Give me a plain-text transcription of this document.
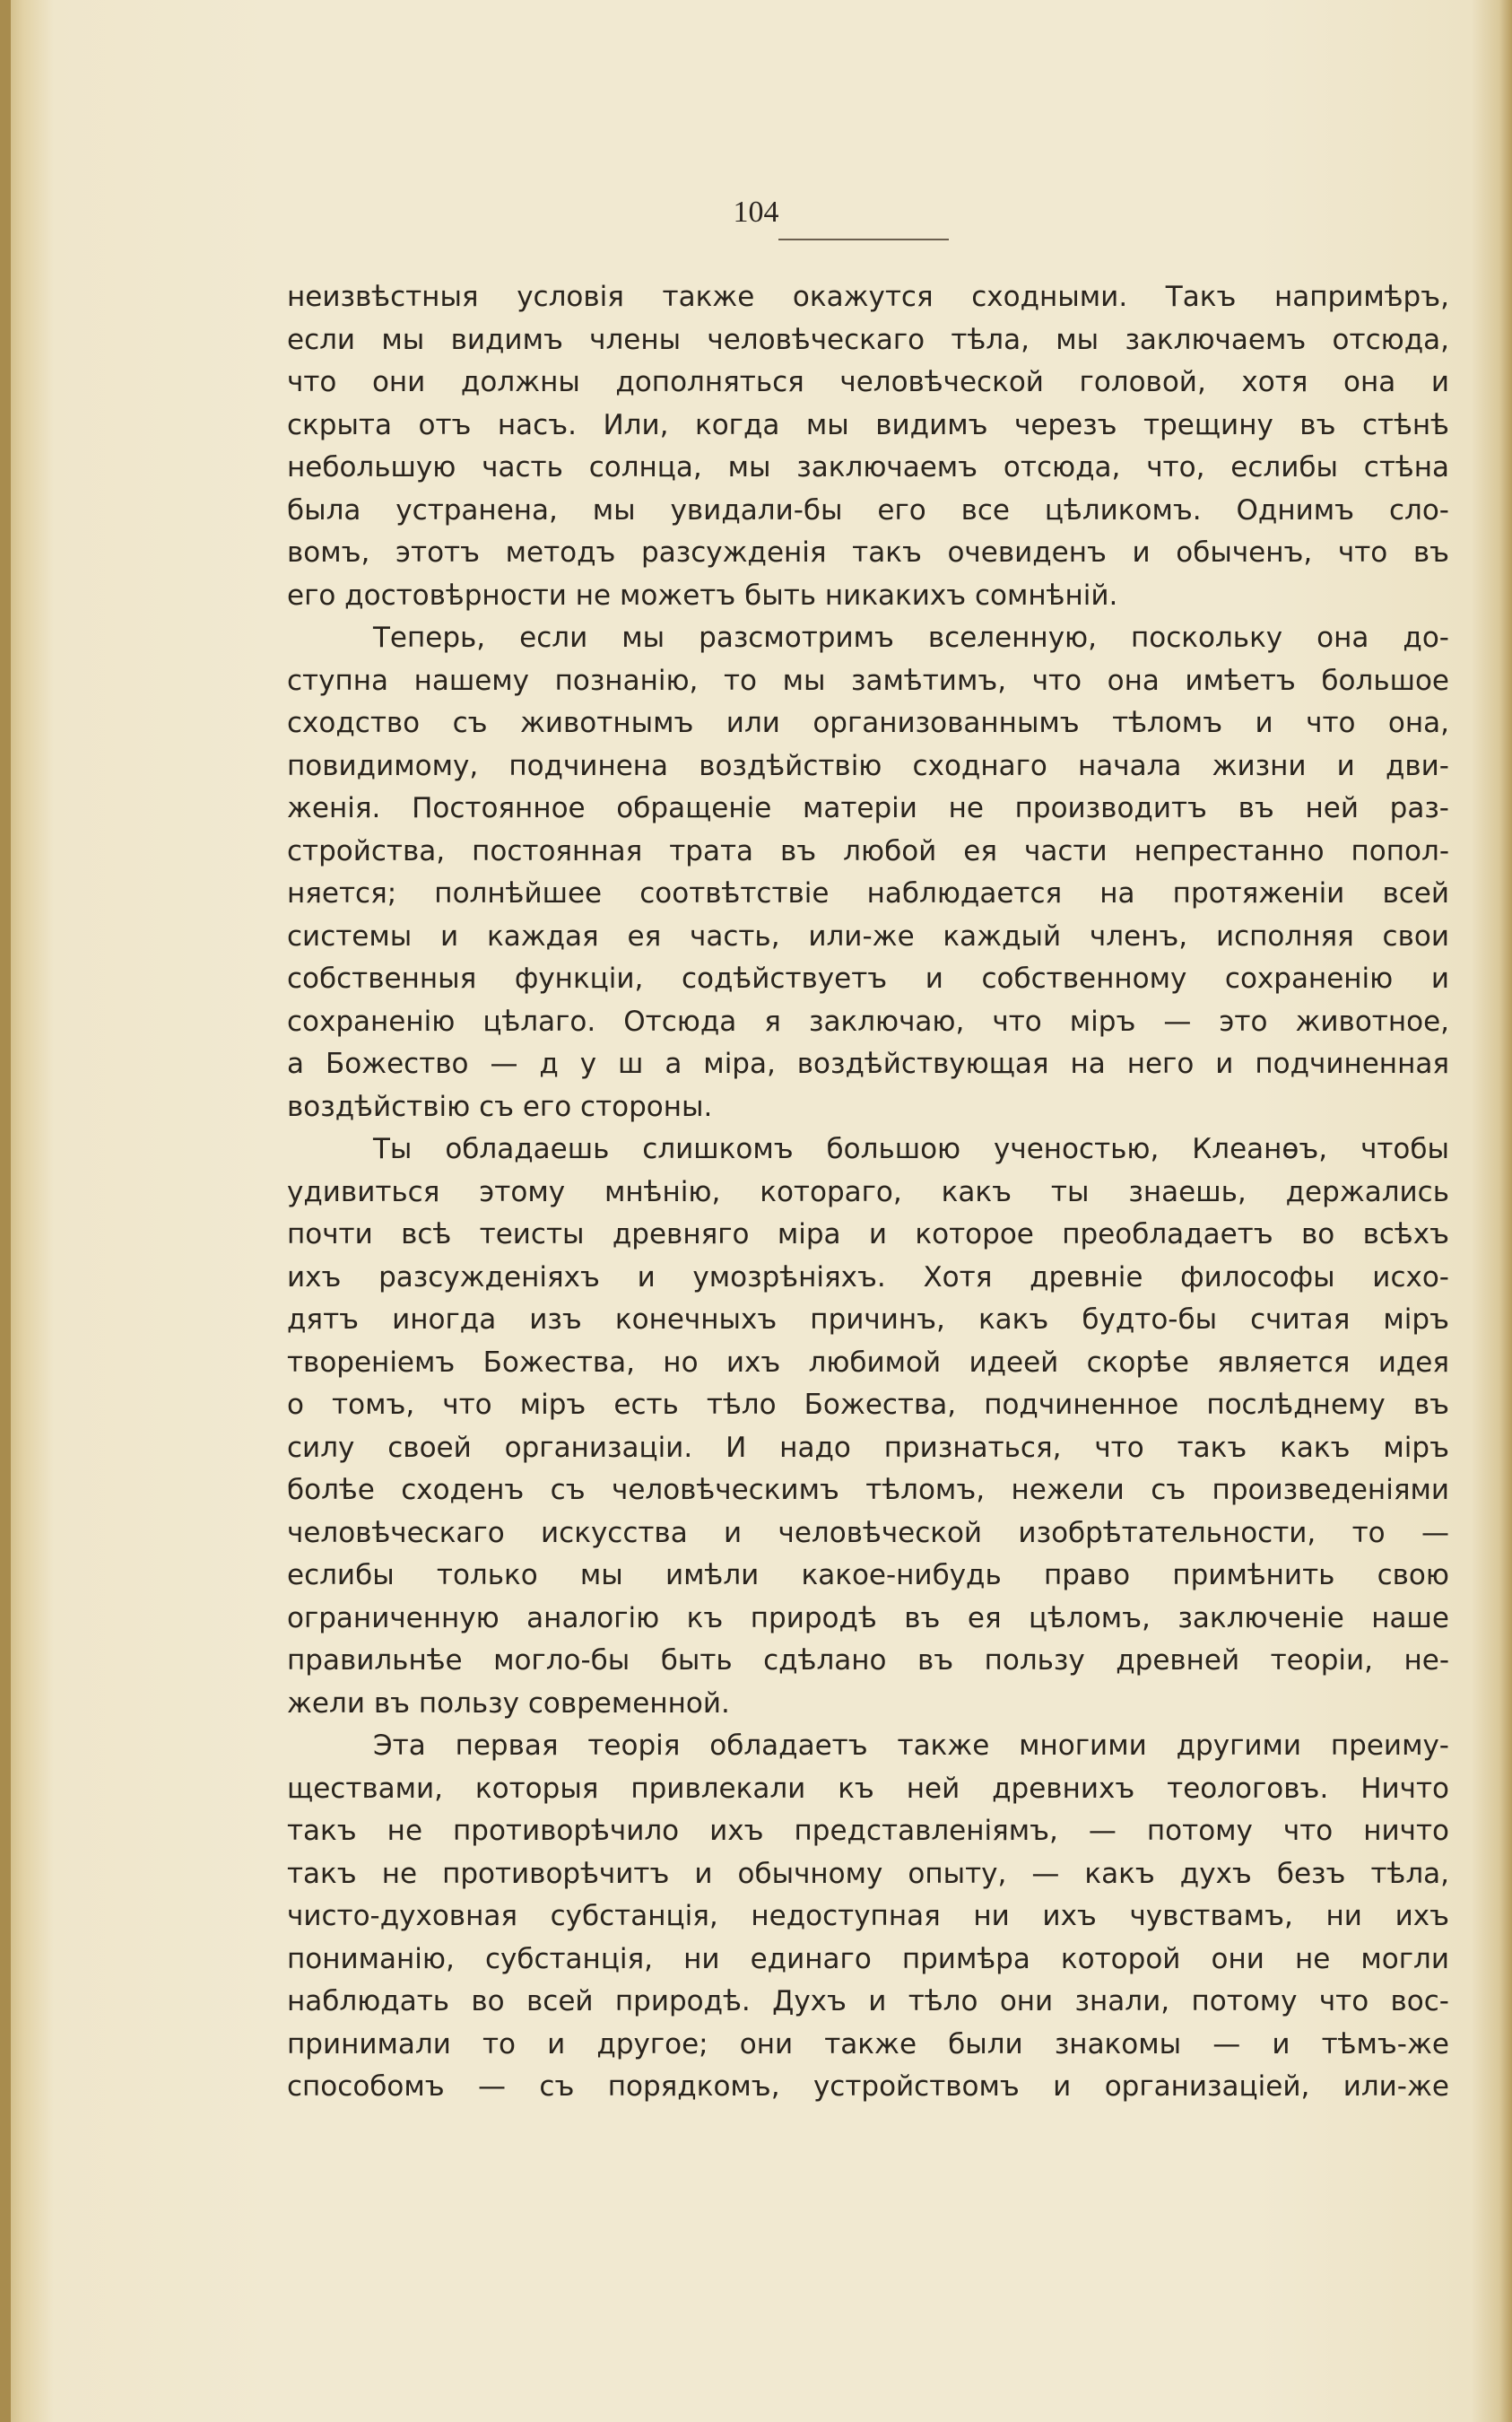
104
неизвѣстныя условія также окажутся сходными. Такъ напримѣръ,
если мы видимъ члены человѣческаго тѣла, мы заключаемъ отсюда,
что они должны дополняться человѣческой головой, хотя она и
скрыта отъ насъ. Или, когда мы видимъ черезъ трещину въ стѣнѣ
небольшую часть солнца, мы заключаемъ отсюда, что, еслибы стѣна
была устранена, мы увидали-бы его все цѣликомъ. Однимъ сло-
вомъ, этотъ методъ разсужденія такъ очевиденъ и обыченъ, что въ
его достовѣрности не можетъ быть никакихъ сомнѣній.
Теперь, если мы разсмотримъ вселенную, поскольку она до-
ступна нашему познанію, то мы замѣтимъ, что она имѣетъ большое
сходство съ животнымъ или организованнымъ тѣломъ и что она,
повидимому, подчинена воздѣйствію сходнаго начала жизни и дви-
женія. Постоянное обращеніе матеріи не производитъ въ ней раз-
стройства, постоянная трата въ любой ея части непрестанно попол-
няется; полнѣйшее соотвѣтствіе наблюдается на протяженіи всей
системы и каждая ея часть, или-же каждый членъ, исполняя свои
собственныя функціи, содѣйствуетъ и собственному сохраненію и
сохраненію цѣлаго. Отсюда я заключаю, что міръ — это животное,
а Божество — д у ш а міра, воздѣйствующая на него и подчиненная
воздѣйствію съ его стороны.
Ты обладаешь слишкомъ большою ученостью, Клеанѳъ, чтобы
удивиться этому мнѣнію, котораго, какъ ты знаешь, держались
почти всѣ теисты древняго міра и которое преобладаетъ во всѣхъ
ихъ разсужденіяхъ и умозрѣніяхъ. Хотя древніе философы исхо-
дятъ иногда изъ конечныхъ причинъ, какъ будто-бы считая міръ
твореніемъ Божества, но ихъ любимой идеей скорѣе является идея
о томъ, что міръ есть тѣло Божества, подчиненное послѣднему въ
силу своей организаціи. И надо признаться, что такъ какъ міръ
болѣе сходенъ съ человѣческимъ тѣломъ, нежели съ произведеніями
человѣческаго искусства и человѣческой изобрѣтательности, то —
еслибы только мы имѣли какое-нибудь право примѣнить свою
ограниченную аналогію къ природѣ въ ея цѣломъ, заключеніе наше
правильнѣе могло-бы быть сдѣлано въ пользу древней теоріи, не-
жели въ пользу современной.
Эта первая теорія обладаетъ также многими другими преиму-
ществами, которыя привлекали къ ней древнихъ теологовъ. Ничто
такъ не противорѣчило ихъ представленіямъ, — потому что ничто
такъ не противорѣчитъ и обычному опыту, — какъ духъ безъ тѣла,
чисто-духовная субстанція, недоступная ни ихъ чувствамъ, ни ихъ
пониманію, субстанція, ни единаго примѣра которой они не могли
наблюдать во всей природѣ. Духъ и тѣло они знали, потому что вос-
принимали то и другое; они также были знакомы — и тѣмъ-же
способомъ — съ порядкомъ, устройствомъ и организаціей, или-же
